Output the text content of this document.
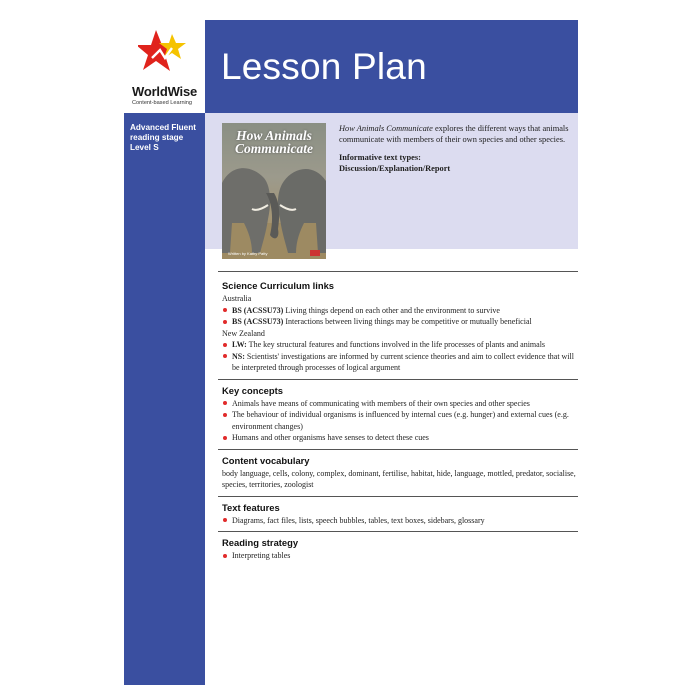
WorldWise
Content-based Learning
Lesson Plan
Advanced Fluent reading stage
Level S
How Animals Communicate
Written by Kathy Patty
How Animals Communicate explores the different ways that animals communicate with members of their own species and other species.
Informative text types:
Discussion/Explanation/Report
Science Curriculum links
Australia
BS (ACSSU73) Living things depend on each other and the environment to survive
BS (ACSSU73) Interactions between living things may be competitive or mutually beneficial
New Zealand
LW: The key structural features and functions involved in the life processes of plants and animals
NS: Scientists' investigations are informed by current science theories and aim to collect evidence that will be interpreted through processes of logical argument
Key concepts
Animals have means of communicating with members of their own species and other species
The behaviour of individual organisms is influenced by internal cues (e.g. hunger) and external cues (e.g. environment changes)
Humans and other organisms have senses to detect these cues
Content vocabulary
body language, cells, colony, complex, dominant, fertilise, habitat, hide, language, mottled, predator, socialise, species, territories, zoologist
Text features
Diagrams, fact files, lists, speech bubbles, tables, text boxes, sidebars, glossary
Reading strategy
Interpreting tables
